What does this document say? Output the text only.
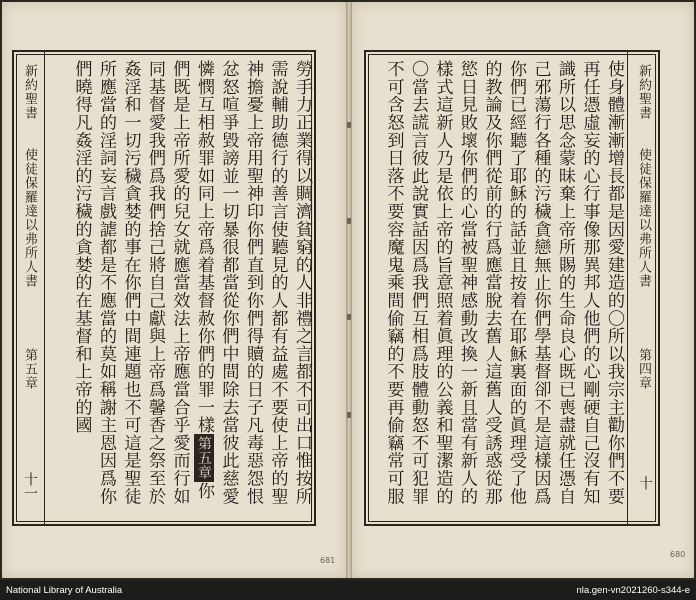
新約聖書
使徒保羅達以弗所人書
第五章
十一	勞手力正業得以賙濟貧窮的人非禮之言都不可出口惟按所需說輔助德行的善言使聽見的人都有益處不要使上帝的聖神擔憂上帝用聖神印你們直到你們得贖的日子凡毒惡怨恨忿怒喧爭毀謗並一切暴很都當從你們中間除去當彼此慈愛憐憫互相赦罪如同上帝爲着基督赦你們的罪一樣第五章你們既是上帝所愛的兒女就應當效法上帝應當合乎愛而行如同基督愛我們爲我們捨己將自己獻與上帝爲馨香之祭至於姦淫和一切污穢貪婪的事在你們中間連題也不可這是聖徒所應當的淫詞妄言戲謔都是不應當的莫如稱謝主恩因爲你們曉得凡姦淫的污穢的貪婪的在基督和上帝的國
681
使身體漸漸增長都是因愛建造的〇所以我宗主勸你們不要再任憑虛妄的心行事像那異邦人他們的心剛硬自己沒有知識所以思念蒙昧棄上帝所賜的生命良心既已喪盡就任憑自己邪蕩行各種的污穢貪戀無止你們學基督卻不是這樣因爲你們已經聽了耶穌的話並且按着在耶穌裏面的眞理受了他的教論及你們從前的行爲應當脫去舊人這舊人受誘惑從那慾日見敗壞你們的心當被聖神感動改換一新且當有新人的樣式這新人乃是依上帝的旨意照着眞理的公義和聖潔造的〇當去謊言彼此說實話因爲我們互相爲肢體動怒不可犯罪不可含怒到日落不要容魔鬼乘間偷竊的不要再偷竊常可服	新約聖書
使徒保羅達以弗所人書
第四章
十
680
National Library of Australia	nla.gen-vn2021260-s344-e
